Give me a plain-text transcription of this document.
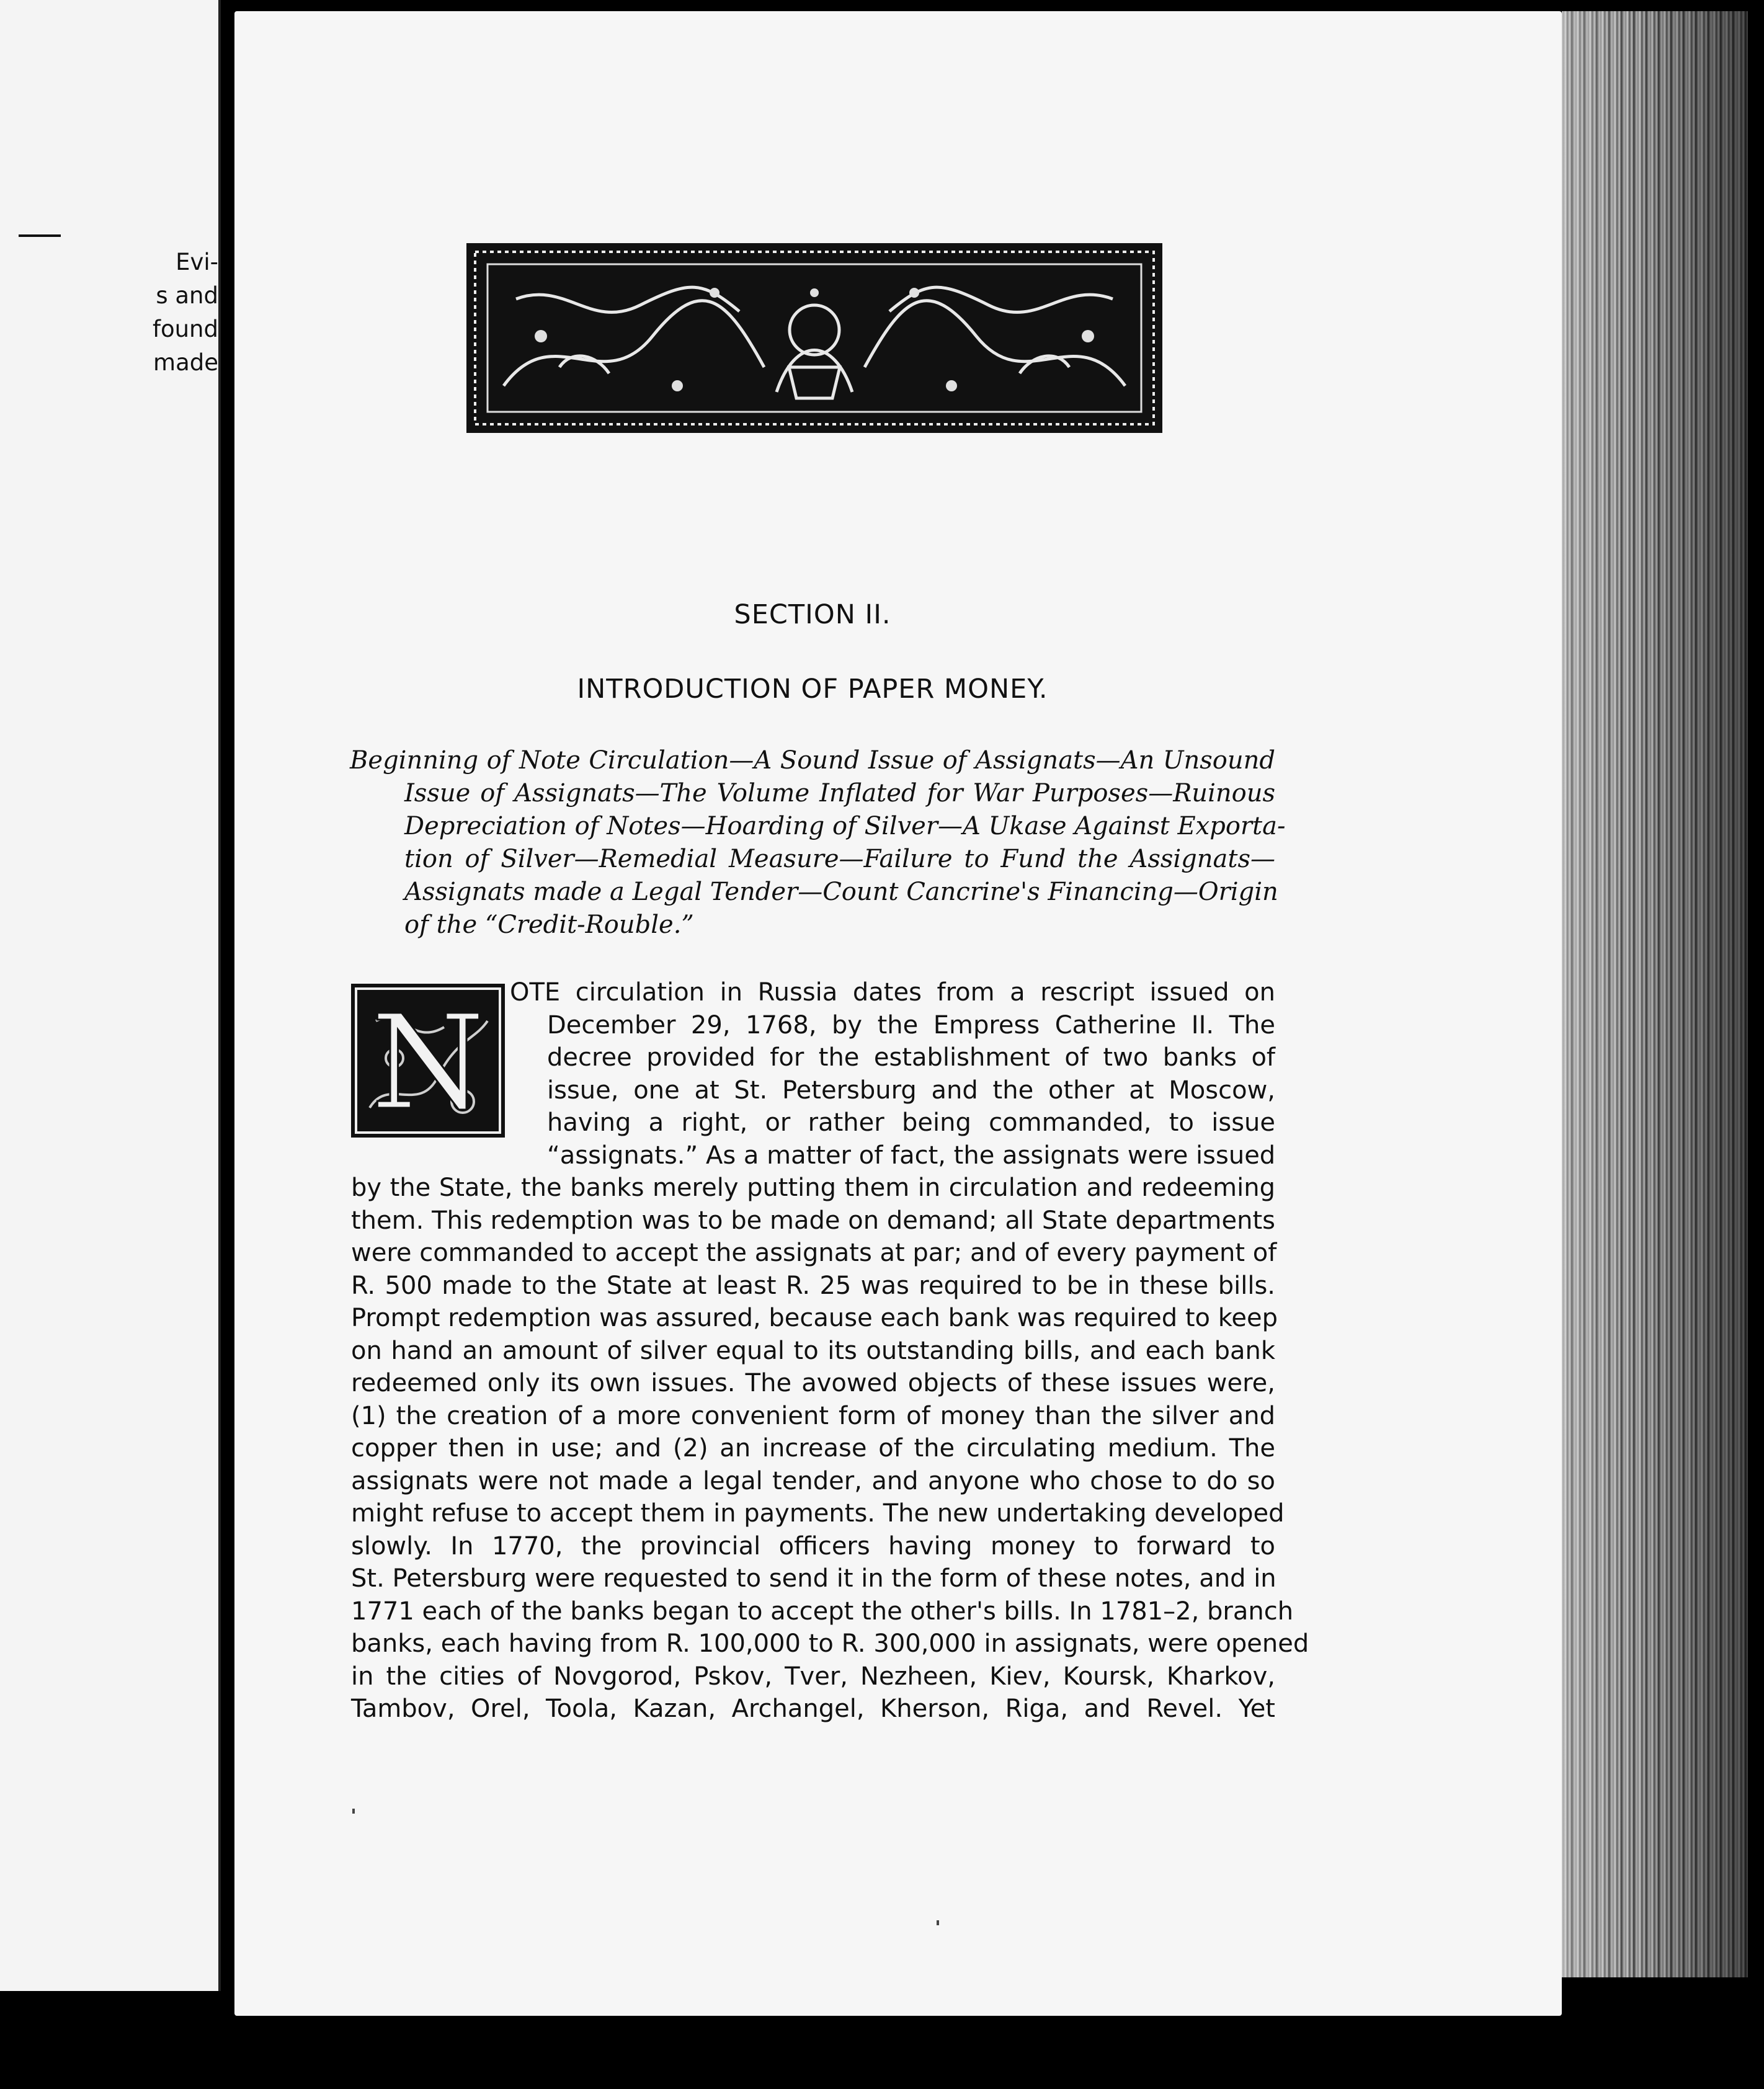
Evi-
s and
found
made
SECTION II.
INTRODUCTION OF PAPER MONEY.
Beginning of Note Circulation—A Sound Issue of Assignats—An Unsound
Issue of Assignats—The Volume Inflated for War Purposes—Ruinous
Depreciation of Notes—Hoarding of Silver—A Ukase Against Exporta-
tion of Silver—Remedial Measure—Failure to Fund the Assignats—
Assignats made a Legal Tender—Count Cancrine's Financing—Origin
of the “Credit-Rouble.”
N	OTE circulation in Russia dates from a rescript issued on
December 29, 1768, by the Empress Catherine II. The
decree provided for the establishment of two banks of
issue, one at St. Petersburg and the other at Moscow,
having a right, or rather being commanded, to issue
“assignats.” As a matter of fact, the assignats were issued
by the State, the banks merely putting them in circulation and redeeming
them. This redemption was to be made on demand; all State departments
were commanded to accept the assignats at par; and of every payment of
R. 500 made to the State at least R. 25 was required to be in these bills.
Prompt redemption was assured, because each bank was required to keep
on hand an amount of silver equal to its outstanding bills, and each bank
redeemed only its own issues. The avowed objects of these issues were,
(1) the creation of a more convenient form of money than the silver and
copper then in use; and (2) an increase of the circulating medium. The
assignats were not made a legal tender, and anyone who chose to do so
might refuse to accept them in payments. The new undertaking developed
slowly. In 1770, the provincial officers having money to forward to
St. Petersburg were requested to send it in the form of these notes, and in
1771 each of the banks began to accept the other's bills. In 1781–2, branch
banks, each having from R. 100,000 to R. 300,000 in assignats, were opened
in the cities of Novgorod, Pskov, Tver, Nezheen, Kiev, Koursk, Kharkov,
Tambov, Orel, Toola, Kazan, Archangel, Kherson, Riga, and Revel. Yet
